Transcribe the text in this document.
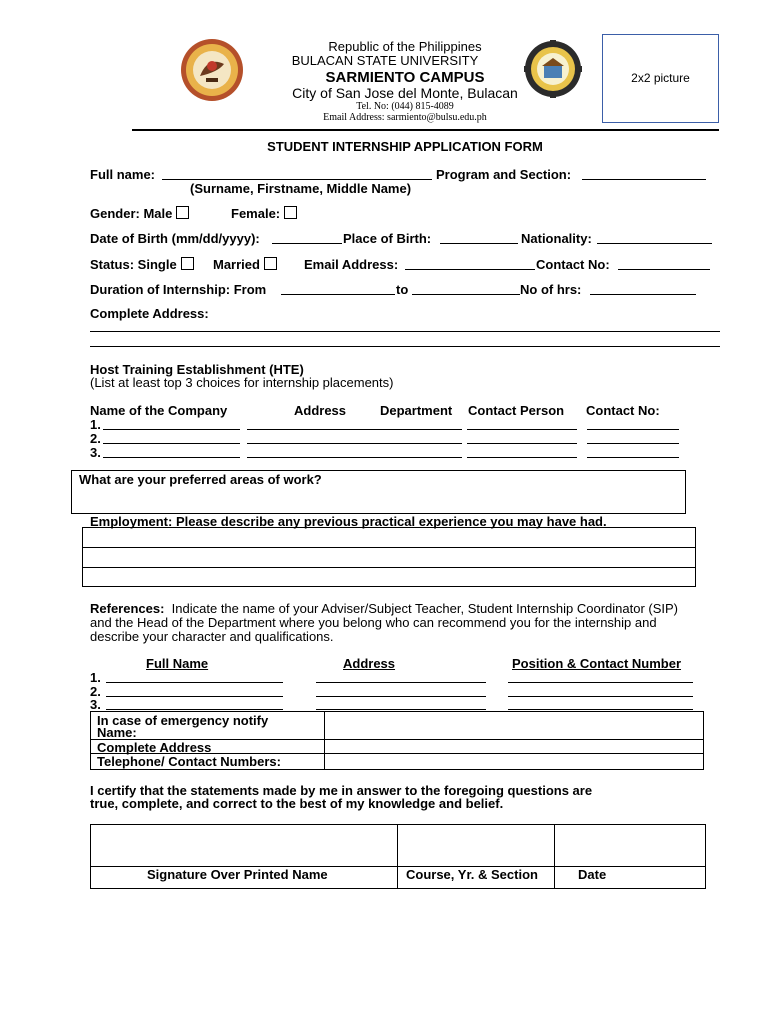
Republic of the Philippines
BULACAN STATE UNIVERSITY
SARMIENTO CAMPUS
City of San Jose del Monte, Bulacan
Tel. No: (044) 815-4089
Email Address: sarmiento@bulsu.edu.ph
2x2 picture
STUDENT INTERNSHIP APPLICATION FORM
Full name:	Program and Section:
(Surname, Firstname, Middle Name)
Gender: Male	Female:
Date of Birth (mm/dd/yyyy):	Place of Birth:	Nationality:
Status: Single	Married	Email Address:	Contact No:
Duration of Internship: From	to	No of hrs:
Complete Address:
Host Training Establishment (HTE)
(List at least top 3 choices for internship placements)
Name of the Company	Address	Department Contact Person Contact No:
1.
2.
3.
What are your preferred areas of work?
Employment: Please describe any previous practical experience you may have had.
References: Indicate the name of your Adviser/Subject Teacher, Student Internship Coordinator (SIP)
and the Head of the Department where you belong who can recommend you for the internship and
describe your character and qualifications.
Full Name	Address	Position & Contact Number
1.
2.
3.
In case of emergency notify
Name:
Complete Address
Telephone/ Contact Numbers:
I certify that the statements made by me in answer to the foregoing questions are
true, complete, and correct to the best of my knowledge and belief.
Signature Over Printed Name	Course, Yr. & Section	Date
